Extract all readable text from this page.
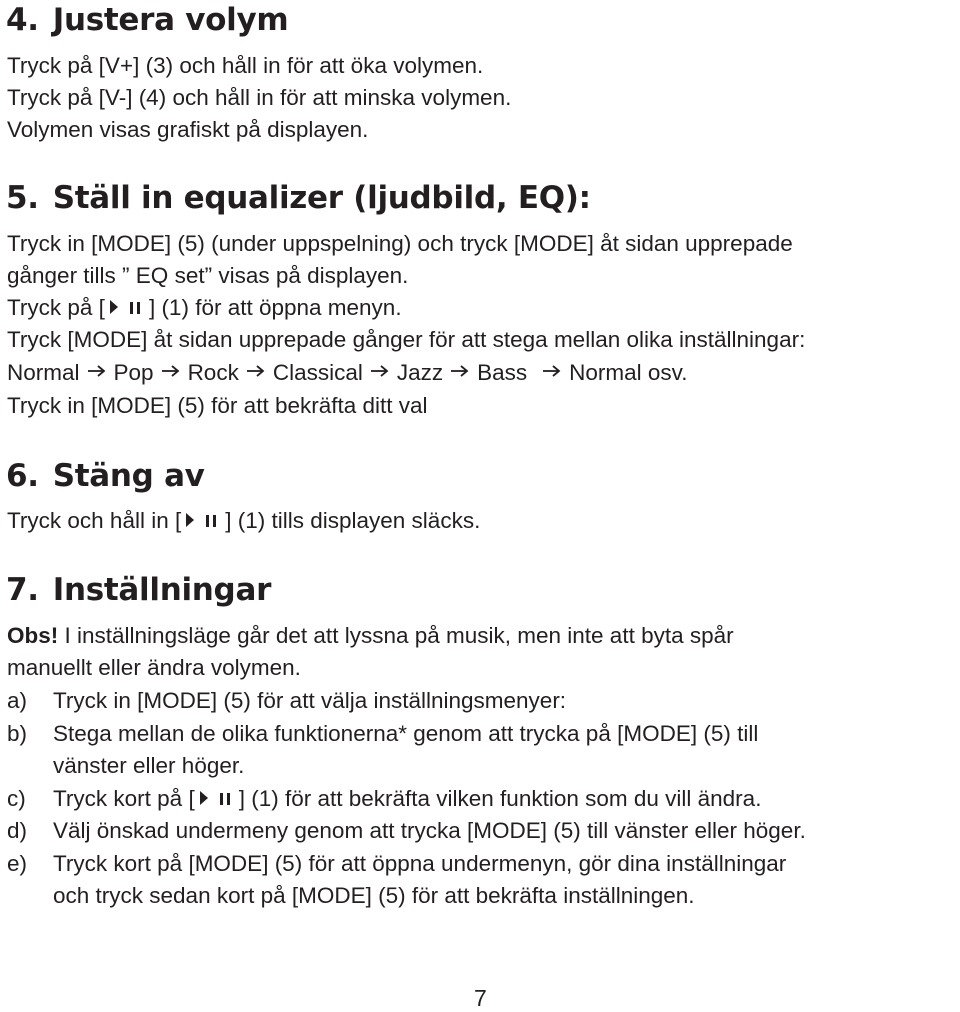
4. Justera volym

Tryck på [V+] (3) och håll in för att öka volymen.

Tryck på [V-] (4) och håll in för att minska volymen.

Volymen visas grafiskt på displayen.

5. Ställ in equalizer (ljudbild, EQ):

Tryck in [MODE] (5) (under uppspelning) och tryck [MODE] åt sidan upprepade

gånger tills ” EQ set” visas på displayen.

Tryck på [ ] (1) för att öppna menyn.

Tryck [MODE] åt sidan upprepade gånger för att stega mellan olika inställningar:

Normal Pop Rock Classical Jazz Bass Normal osv.

Tryck in [MODE] (5) för att bekräfta ditt val

6. Stäng av

Tryck och håll in [ ] (1) tills displayen släcks.

7. Inställningar

Obs! I inställningsläge går det att lyssna på musik, men inte att byta spår

manuellt eller ändra volymen.

a) Tryck in [MODE] (5) för att välja inställningsmenyer:
b) Stega mellan de olika funktionerna* genom att trycka på [MODE] (5) till
vänster eller höger.
c) Tryck kort på [ ] (1) för att bekräfta vilken funktion som du vill ändra.
d) Välj önskad undermeny genom att trycka [MODE] (5) till vänster eller höger.
e) Tryck kort på [MODE] (5) för att öppna undermenyn, gör dina inställningar
och tryck sedan kort på [MODE] (5) för att bekräfta inställningen.
7
